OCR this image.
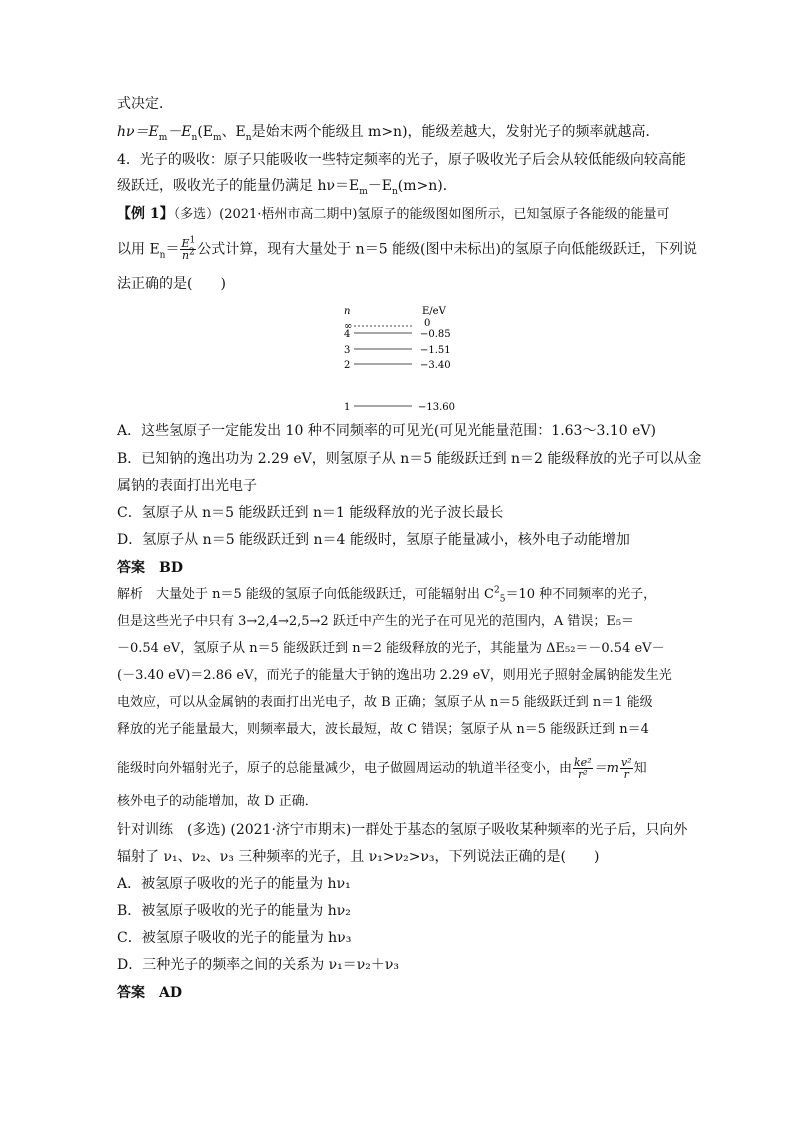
式决定．
$h\nu=E_m-E_n(E_m$、$E_n$是始末两个能级且 m>n)，能级差越大，发射光子的频率就越高．
4．光子的吸收：原子只能吸收一些特定频率的光子，原子吸收光子后会从较低能级向较高能
级跃迁，吸收光子的能量仍满足 $h\nu=E_m-E_n(m>n)$．
【例 1】（多选）(2021·梧州市高二期中)氢原子的能级图如图所示，已知氢原子各能级的能量可
以用 $E_n= \frac{E^1}{n^2}$ 公式计算，现有大量处于 n＝5 能级(图中未标出)的氢原子向低能级跃迁，下列说
法正确的是(　　)
n	E/eV
∞	0
4	−0.85
3	−1.51
2	−3.40
1	−13.60
A．这些氢原子一定能发出 10 种不同频率的可见光(可见光能量范围：1.63～3.10 eV)
B．已知钠的逸出功为 2.29 eV，则氢原子从 n＝5 能级跃迁到 n＝2 能级释放的光子可以从金
属钠的表面打出光电子
C．氢原子从 n＝5 能级跃迁到 n＝1 能级释放的光子波长最长
D．氢原子从 n＝5 能级跃迁到 n＝4 能级时，氢原子能量减小，核外电子动能增加
答案　BD
解析　大量处于 n＝5 能级的氢原子向低能级跃迁，可能辐射出 $C^2_5=10$ 种不同频率的光子，
但是这些光子中只有 3→2,4→2,5→2 跃迁中产生的光子在可见光的范围内，A 错误；E₅＝
－0.54 eV，氢原子从 n＝5 能级跃迁到 n＝2 能级释放的光子，其能量为 ΔE₅₂＝－0.54 eV－
(－3.40 eV)＝2.86 eV，而光子的能量大于钠的逸出功 2.29 eV，则用光子照射金属钠能发生光
电效应，可以从金属钠的表面打出光电子，故 B 正确；氢原子从 n＝5 能级跃迁到 n＝1 能级
释放的光子能量最大，则频率最大，波长最短，故 C 错误；氢原子从 n＝5 能级跃迁到 n＝4
能级时向外辐射光子，原子的总能量减少，电子做圆周运动的轨道半径变小，由 $\frac{\text{ke²}}{\text{r²}} =m \frac{\text{v²}}{r}$ 知
核外电子的动能增加，故 D 正确．
针对训练　(多选) (2021·济宁市期末)一群处于基态的氢原子吸收某种频率的光子后，只向外
辐射了 ν₁、ν₂、ν₃ 三种频率的光子，且 ν₁>ν₂>ν₃，下列说法正确的是(　　)
A．被氢原子吸收的光子的能量为 hν₁
B．被氢原子吸收的光子的能量为 hν₂
C．被氢原子吸收的光子的能量为 hν₃
D．三种光子的频率之间的关系为 ν₁＝ν₂＋ν₃
答案　AD
